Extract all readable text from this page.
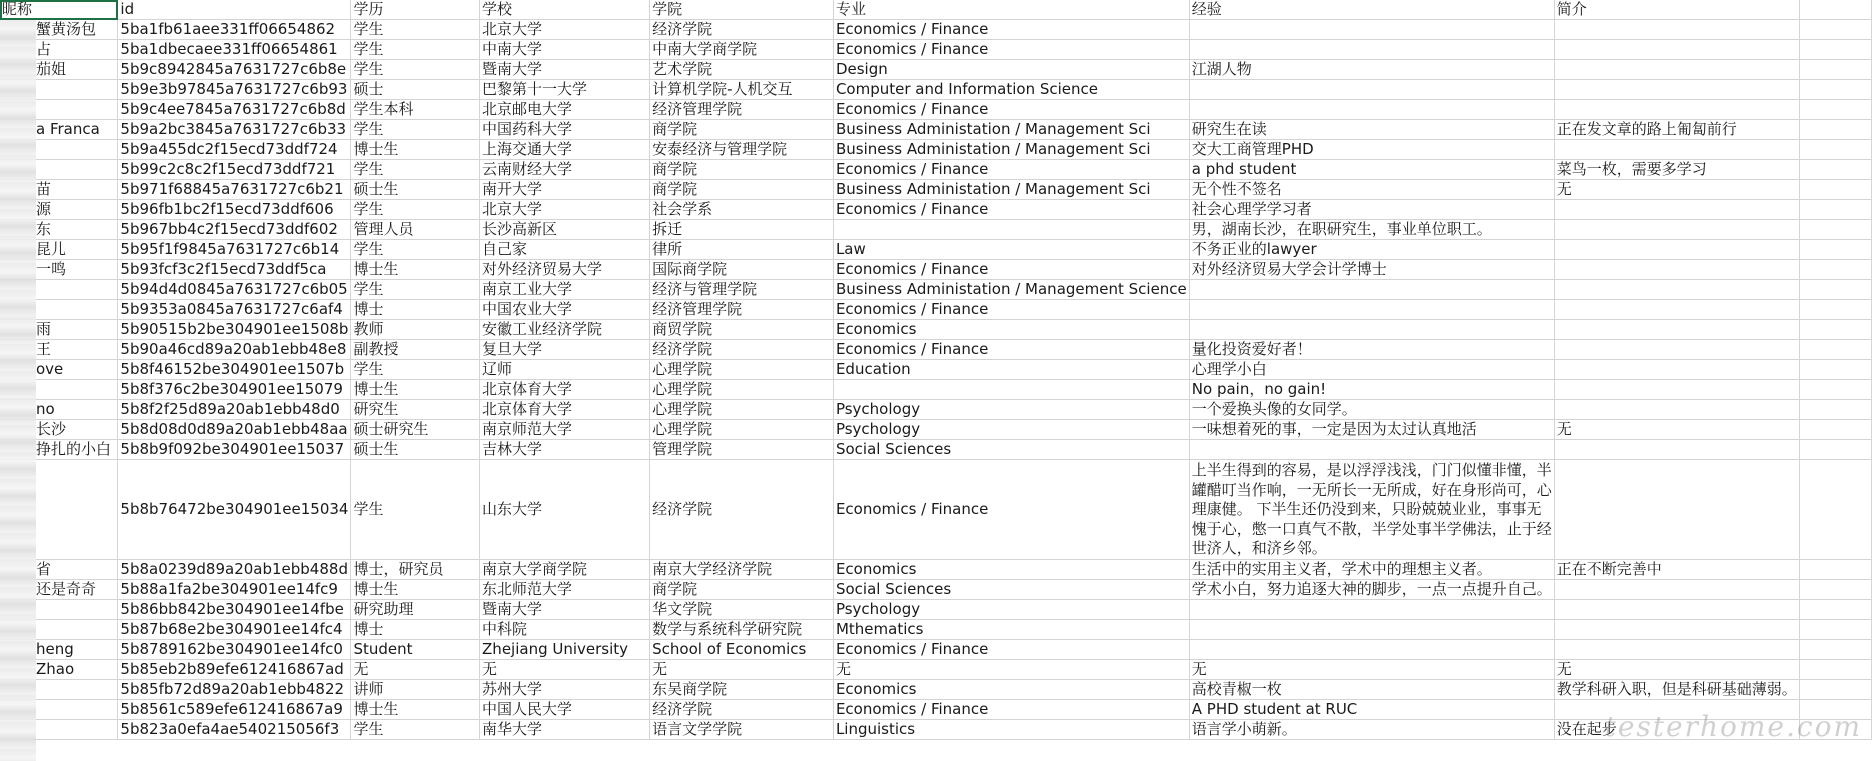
昵称	id	学历	学校	学院	专业	经验	简介	
蟹黄汤包	5ba1fb61aee331ff06654862	学生	北京大学	经济学院	Economics / Finance			
占	5ba1dbecaee331ff06654861	学生	中南大学	中南大学商学院	Economics / Finance			
茄姐	5b9c8942845a7631727c6b8e	学生	暨南大学	艺术学院	Design	江湖人物		
	5b9e3b97845a7631727c6b93	硕士	巴黎第十一大学	计算机学院-人机交互	Computer and Information Science			
	5b9c4ee7845a7631727c6b8d	学生本科	北京邮电大学	经济管理学院	Economics / Finance			
a Franca	5b9a2bc3845a7631727c6b33	学生	中国药科大学	商学院	Business Administation / Management Sci	研究生在读	正在发文章的路上匍匐前行	
	5b9a455dc2f15ecd73ddf724	博士生	上海交通大学	安泰经济与管理学院	Business Administation / Management Sci	交大工商管理PHD		
	5b99c2c8c2f15ecd73ddf721	学生	云南财经大学	商学院	Economics / Finance	a phd student	菜鸟一枚，需要多学习	
苗	5b971f68845a7631727c6b21	硕士生	南开大学	商学院	Business Administation / Management Sci	无个性不签名	无	
源	5b96fb1bc2f15ecd73ddf606	学生	北京大学	社会学系	Economics / Finance	社会心理学学习者		
东	5b967bb4c2f15ecd73ddf602	管理人员	长沙高新区	拆迁		男，湖南长沙，在职研究生，事业单位职工。		
昆儿	5b95f1f9845a7631727c6b14	学生	自己家	律所	Law	不务正业的lawyer		
一鸣	5b93fcf3c2f15ecd73ddf5ca	博士生	对外经济贸易大学	国际商学院	Economics / Finance	对外经济贸易大学会计学博士		
	5b94d4d0845a7631727c6b05	学生	南京工业大学	经济与管理学院	Business Administation / Management Science			
	5b9353a0845a7631727c6af4	博士	中国农业大学	经济管理学院	Economics / Finance			
雨	5b90515b2be304901ee1508b	教师	安徽工业经济学院	商贸学院	Economics			
王	5b90a46cd89a20ab1ebb48e8	副教授	复旦大学	经济学院	Economics / Finance	量化投资爱好者！		
ove	5b8f46152be304901ee1507b	学生	辽师	心理学院	Education	心理学小白		
	5b8f376c2be304901ee15079	博士生	北京体育大学	心理学院		No pain，no gain!		
no	5b8f2f25d89a20ab1ebb48d0	研究生	北京体育大学	心理学院	Psychology	一个爱换头像的女同学。		
长沙	5b8d08d0d89a20ab1ebb48aa	硕士研究生	南京师范大学	心理学院	Psychology	一味想着死的事，一定是因为太过认真地活	无	
挣扎的小白	5b8b9f092be304901ee15037	硕士生	吉林大学	管理学院	Social Sciences			
	5b8b76472be304901ee15034	学生	山东大学	经济学院	Economics / Finance	上半生得到的容易，是以浮浮浅浅，门门似懂非懂，半罐醋叮当作响，一无所长一无所成，好在身形尚可，心理康健。 下半生还仍没到来，只盼兢兢业业，事事无愧于心，憋一口真气不散，半学处事半学佛法，止于经世济人，和济乡邻。		
省	5b8a0239d89a20ab1ebb488d	博士，研究员	南京大学商学院	南京大学经济学院	Economics	生活中的实用主义者，学术中的理想主义者。	正在不断完善中	
还是奇奇	5b88a1fa2be304901ee14fc9	博士生	东北师范大学	商学院	Social Sciences	学术小白，努力追逐大神的脚步，一点一点提升自己。		
	5b86bb842be304901ee14fbe	研究助理	暨南大学	华文学院	Psychology			
	5b87b68e2be304901ee14fc4	博士	中科院	数学与系统科学研究院	Mthematics			
heng	5b8789162be304901ee14fc0	Student	Zhejiang University	School of Economics	Economics / Finance			
Zhao	5b85eb2b89efe612416867ad	无	无	无	无	无	无	
	5b85fb72d89a20ab1ebb4822	讲师	苏州大学	东吴商学院	Economics	高校青椒一枚	教学科研入职，但是科研基础薄弱。	
	5b8561c589efe612416867a9	博士生	中国人民大学	经济学院	Economics / Finance	A PHD student at RUC		
	5b823a0efa4ae540215056f3	学生	南华大学	语言文学学院	Linguistics	语言学小萌新。	没在起步	
testerhome.com
